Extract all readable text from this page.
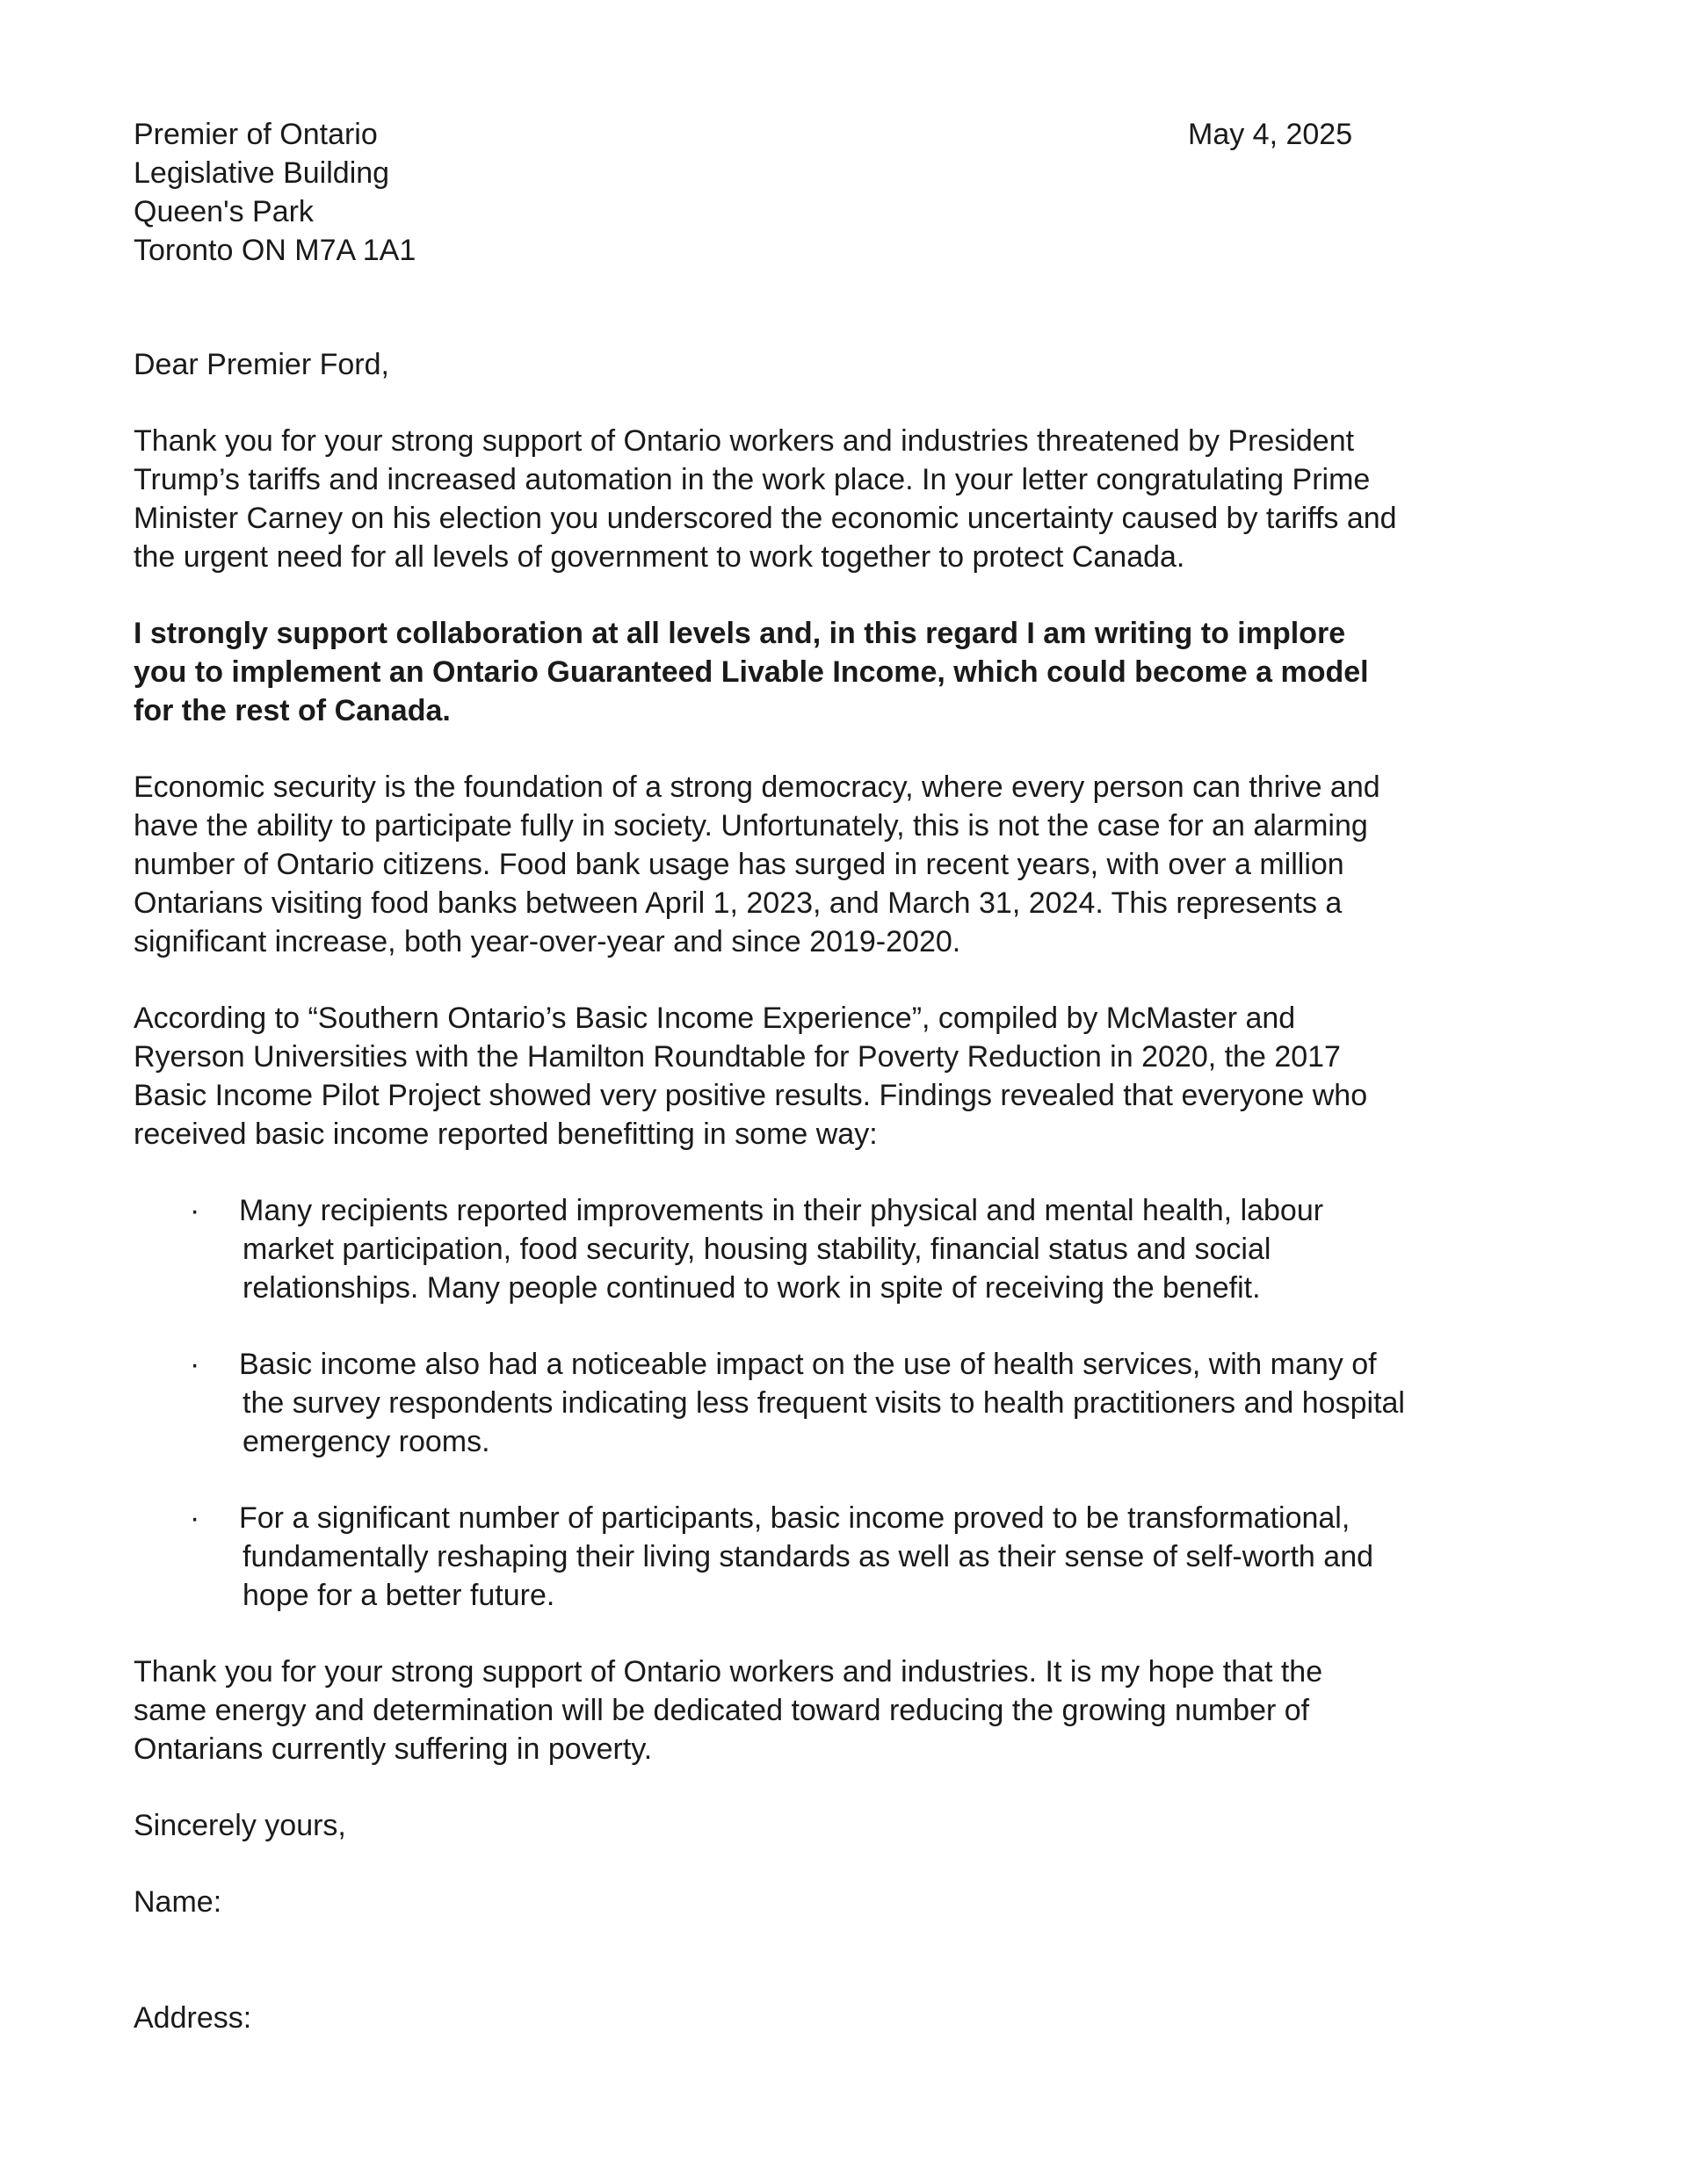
Premier of Ontario
Legislative Building
Queen's Park
Toronto ON M7A 1A1
May 4, 2025
Dear Premier Ford,
Thank you for your strong support of Ontario workers and industries threatened by President
Trump’s tariffs and increased automation in the work place. In your letter congratulating Prime
Minister Carney on his election you underscored the economic uncertainty caused by tariffs and
the urgent need for all levels of government to work together to protect Canada.
I strongly support collaboration at all levels and, in this regard I am writing to implore
you to implement an Ontario Guaranteed Livable Income, which could become a model
for the rest of Canada.
Economic security is the foundation of a strong democracy, where every person can thrive and
have the ability to participate fully in society. Unfortunately, this is not the case for an alarming
number of Ontario citizens. Food bank usage has surged in recent years, with over a million
Ontarians visiting food banks between April 1, 2023, and March 31, 2024. This represents a
significant increase, both year-over-year and since 2019-2020.
According to “Southern Ontario’s Basic Income Experience”, compiled by McMaster and
Ryerson Universities with the Hamilton Roundtable for Poverty Reduction in 2020, the 2017
Basic Income Pilot Project showed very positive results. Findings revealed that everyone who
received basic income reported benefitting in some way:
· Many recipients reported improvements in their physical and mental health, labour
market participation, food security, housing stability, financial status and social
relationships. Many people continued to work in spite of receiving the benefit.
· Basic income also had a noticeable impact on the use of health services, with many of
the survey respondents indicating less frequent visits to health practitioners and hospital
emergency rooms.
· For a significant number of participants, basic income proved to be transformational,
fundamentally reshaping their living standards as well as their sense of self-worth and
hope for a better future.
Thank you for your strong support of Ontario workers and industries. It is my hope that the
same energy and determination will be dedicated toward reducing the growing number of
Ontarians currently suffering in poverty.
Sincerely yours,
Name:
Address:
